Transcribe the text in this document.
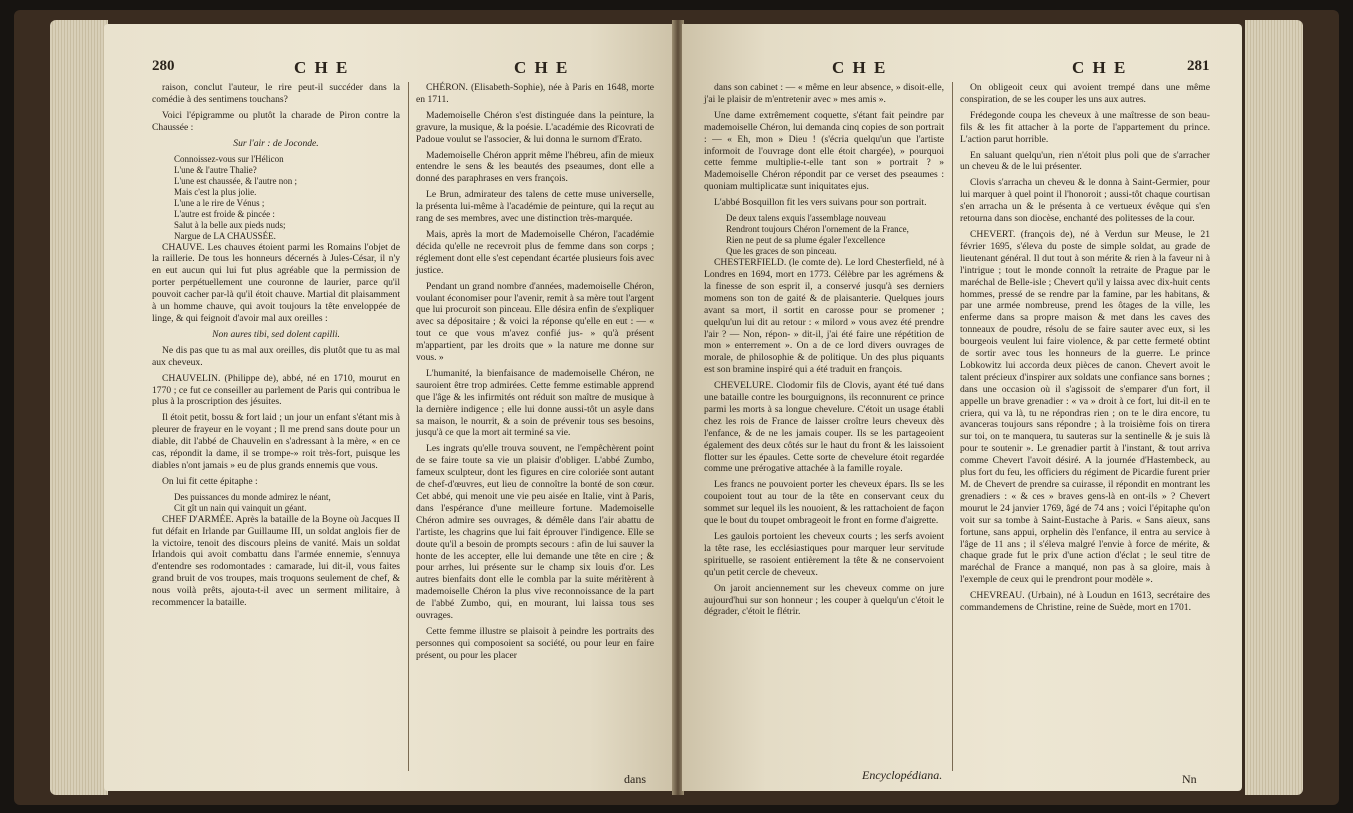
280	C H E	C H E

raison, conclut l'auteur, le rire peut-il succéder dans la comédie à des sentimens touchans?

Voici l'épigramme ou plutôt la charade de Piron contre la Chaussée :

Sur l'air : de Joconde.

Connoissez-vous sur l'Hélicon

L'une & l'autre Thalie?

L'une est chaussée, & l'autre non ;

Mais c'est la plus jolie.

L'une a le rire de Vénus ;

L'autre est froide & pincée :

Salut à la belle aux pieds nuds;

Nargue de LA CHAUSSÉE.

CHAUVE. Les chauves étoient parmi les Romains l'objet de la raillerie. De tous les honneurs décernés à Jules-César, il n'y en eut aucun qui lui fut plus agréable que la permission de porter perpétuellement une couronne de laurier, parce qu'il pouvoit cacher par-là qu'il étoit chauve. Martial dit plaisamment à un homme chauve, qui avoit toujours la tête enveloppée de linge, & qui feignoit d'avoir mal aux oreilles :

Non aures tibi, sed dolent capilli.

Ne dis pas que tu as mal aux oreilles, dis plutôt que tu as mal aux cheveux.

CHAUVELIN. (Philippe de), abbé, né en 1710, mourut en 1770 ; ce fut ce conseiller au parlement de Paris qui contribua le plus à la proscription des jésuites.

Il étoit petit, bossu & fort laid ; un jour un enfant s'étant mis à pleurer de frayeur en le voyant ; Il me prend sans doute pour un diable, dit l'abbé de Chauvelin en s'adressant à la mère, « en ce cas, répondit la dame, il se trompe-» roit très-fort, puisque les diables n'ont jamais » eu de plus grands ennemis que vous.

On lui fit cette épitaphe :

Des puissances du monde admirez le néant,

Cit gît un nain qui vainquit un géant.

CHEF D'ARMÉE. Après la bataille de la Boyne où Jacques II fut défait en Irlande par Guillaume III, un soldat anglois fier de la victoire, tenoit des discours pleins de vanité. Mais un soldat Irlandois qui avoit combattu dans l'armée ennemie, s'ennuya d'entendre ses rodomontades : camarade, lui dit-il, vous faites grand bruit de vos troupes, mais troquons seulement de chef, & nous voilà prêts, ajouta-t-il avec un serment militaire, à recommencer la bataille.

CHÉRON. (Elisabeth-Sophie), née à Paris en 1648, morte en 1711.

Mademoiselle Chéron s'est distinguée dans la peinture, la gravure, la musique, & la poésie. L'académie des Ricovrati de Padoue voulut se l'associer, & lui donna le surnom d'Erato.

Mademoiselle Chéron apprit même l'hébreu, afin de mieux entendre le sens & les beautés des pseaumes, dont elle a donné des paraphrases en vers françois.

Le Brun, admirateur des talens de cette muse universelle, la présenta lui-même à l'académie de peinture, qui la reçut au rang de ses membres, avec une distinction très-marquée.

Mais, après la mort de Mademoiselle Chéron, l'académie décida qu'elle ne recevroit plus de femme dans son corps ; réglement dont elle s'est cependant écartée plusieurs fois avec justice.

Pendant un grand nombre d'années, mademoiselle Chéron, voulant économiser pour l'avenir, remit à sa mère tout l'argent que lui procuroit son pinceau. Elle désira enfin de s'expliquer avec sa dépositaire ; & voici la réponse qu'elle en eut : — « tout ce que vous m'avez confié jus- » qu'à présent m'appartient, par les droits que » la nature me donne sur vous. »

L'humanité, la bienfaisance de mademoiselle Chéron, ne sauroient être trop admirées. Cette femme estimable apprend que l'âge & les infirmités ont réduit son maître de musique à la dernière indigence ; elle lui donne aussi-tôt un asyle dans sa maison, le nourrit, & a soin de prévenir tous ses besoins, jusqu'à ce que la mort ait terminé sa vie.

Les ingrats qu'elle trouva souvent, ne l'empêchèrent point de se faire toute sa vie un plaisir d'obliger. L'abbé Zumbo, fameux sculpteur, dont les figures en cire coloriée sont autant de chef-d'œuvres, eut lieu de connoître la bonté de son cœur. Cet abbé, qui menoit une vie peu aisée en Italie, vint à Paris, dans l'espérance d'une meilleure fortune. Mademoiselle Chéron admire ses ouvrages, & démêle dans l'air abattu de l'artiste, les chagrins que lui fait éprouver l'indigence. Elle se doute qu'il a besoin de prompts secours : afin de lui sauver la honte de les accepter, elle lui demande une tête en cire ; & pour arrhes, lui présente sur le champ six louis d'or. Les autres bienfaits dont elle le combla par la suite méritèrent à mademoiselle Chéron la plus vive reconnoissance de la part de l'abbé Zumbo, qui, en mourant, lui laissa tous ses ouvrages.

Cette femme illustre se plaisoit à peindre les portraits des personnes qui composoient sa société, ou pour leur en faire présent, ou pour les placer

dans
C H E	C H E	281

dans son cabinet : — « même en leur absence, » disoit-elle, j'ai le plaisir de m'entretenir avec » mes amis ».

Une dame extrêmement coquette, s'étant fait peindre par mademoiselle Chéron, lui demanda cinq copies de son portrait : — « Eh, mon » Dieu ! (s'écria quelqu'un que l'artiste informoit de l'ouvrage dont elle étoit chargée), » pourquoi cette femme multiplie-t-elle tant son » portrait ? » Mademoiselle Chéron répondit par ce verset des pseaumes : quoniam multiplicatæ sunt iniquitates ejus.

L'abbé Bosquillon fit les vers suivans pour son portrait.

De deux talens exquis l'assemblage nouveau

Rendront toujours Chéron l'ornement de la France,

Rien ne peut de sa plume égaler l'excellence

Que les graces de son pinceau.

CHESTERFIELD. (le comte de). Le lord Chesterfield, né à Londres en 1694, mort en 1773. Célèbre par les agrémens & la finesse de son esprit il, a conservé jusqu'à ses derniers momens son ton de gaité & de plaisanterie. Quelques jours avant sa mort, il sortit en carosse pour se promener ; quelqu'un lui dit au retour : « milord » vous avez été prendre l'air ? — Non, répon- » dit-il, j'ai été faire une répétition de mon » enterrement ». On a de ce lord divers ouvrages de morale, de philosophie & de politique. Un des plus piquants est son bramine inspiré qui a été traduit en françois.

CHEVELURE. Clodomir fils de Clovis, ayant été tué dans une bataille contre les bourguignons, ils reconnurent ce prince parmi les morts à sa longue chevelure. C'étoit un usage établi chez les rois de France de laisser croître leurs cheveux dès l'enfance, & de ne les jamais couper. Ils se les partageoient également des deux côtés sur le haut du front & les laissoient flotter sur les épaules. Cette sorte de chevelure étoit regardée comme une prérogative attachée à la famille royale.

Les francs ne pouvoient porter les cheveux épars. Ils se les coupoient tout au tour de la tête en conservant ceux du sommet sur lequel ils les nouoient, & les rattachoient de façon que le bout du toupet ombrageoit le front en forme d'aigrette.

Les gaulois portoient les cheveux courts ; les serfs avoient la tête rase, les ecclésiastiques pour marquer leur servitude spirituelle, se rasoient entièrement la tête & ne conservoient qu'un petit cercle de cheveux.

On jaroit anciennement sur les cheveux comme on jure aujourd'hui sur son honneur ; les couper à quelqu'un c'étoit le dégrader, c'étoit le flétrir.

On obligeoit ceux qui avoient trempé dans une même conspiration, de se les couper les uns aux autres.

Frédegonde coupa les cheveux à une maîtresse de son beau-fils & les fit attacher à la porte de l'appartement du prince. L'action parut horrible.

En saluant quelqu'un, rien n'étoit plus poli que de s'arracher un cheveu & de le lui présenter.

Clovis s'arracha un cheveu & le donna à Saint-Germier, pour lui marquer à quel point il l'honoroit ; aussi-tôt chaque courtisan s'en arracha un & le présenta à ce vertueux évêque qui s'en retourna dans son diocèse, enchanté des politesses de la cour.

CHEVERT. (françois de), né à Verdun sur Meuse, le 21 février 1695, s'éleva du poste de simple soldat, au grade de lieutenant général. Il dut tout à son mérite & rien à la faveur ni à l'intrigue ; tout le monde connoît la retraite de Prague par le maréchal de Belle-isle ; Chevert qu'il y laissa avec dix-huit cents hommes, pressé de se rendre par la famine, par les habitans, & par une armée nombreuse, prend les ôtages de la ville, les enferme dans sa propre maison & met dans les caves des tonneaux de poudre, résolu de se faire sauter avec eux, si les bourgeois veulent lui faire violence, & par cette fermeté obtint de sortir avec tous les honneurs de la guerre. Le prince Lobkowitz lui accorda deux pièces de canon. Chevert avoit le talent précieux d'inspirer aux soldats une confiance sans bornes ; dans une occasion où il s'agissoit de s'emparer d'un fort, il appelle un brave grenadier : « va » droit à ce fort, lui dit-il en te criera, qui va là, tu ne répondras rien ; on te le dira encore, tu avanceras toujours sans répondre ; à la troisième fois on tirera sur toi, on te manquera, tu sauteras sur la sentinelle & je suis là pour te soutenir ». Le grenadier partit à l'instant, & tout arriva comme Chevert l'avoit désiré. A la journée d'Hastembeck, au plus fort du feu, les officiers du régiment de Picardie furent prier M. de Chevert de prendre sa cuirasse, il répondit en montrant les grenadiers : « & ces » braves gens-là en ont-ils » ? Chevert mourut le 24 janvier 1769, âgé de 74 ans ; voici l'épitaphe qu'on voit sur sa tombe à Saint-Eustache à Paris. « Sans aïeux, sans fortune, sans appui, orphelin dès l'enfance, il entra au service à l'âge de 11 ans ; il s'éleva malgré l'envie à force de mérite, & chaque grade fut le prix d'une action d'éclat ; le seul titre de maréchal de France a manqué, non pas à sa gloire, mais à l'exemple de ceux qui le prendront pour modèle ».

CHEVREAU. (Urbain), né à Loudun en 1613, secrétaire des commandemens de Christine, reine de Suède, mort en 1701.

Encyclopédiana.	Nn
